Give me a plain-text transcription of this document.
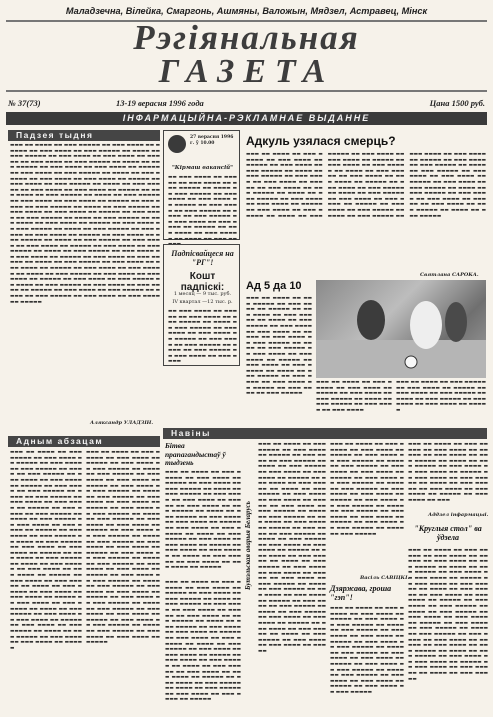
Маладзечна, Вілейка, Смаргонь, Ашмяны, Валожын, Мядзел, Астравец, Мінск
Рэгіянальная
ГАЗЕТА
№ 37(73)	13-19 верасня 1996 года	Цана 1500 руб.
ІНФАРМАЦЫЙНА-РЭКЛАМНАЕ ВЫДАННЕ
Падзея тыдня
▬▬▬ ▬▬ ▬▬▬▬ ▬▬ ▬▬▬ ▬▬▬▬▬ ▬▬ ▬▬▬ ▬▬▬▬ ▬▬ ▬▬▬▬▬ ▬▬ ▬▬▬ ▬▬▬▬ ▬▬ ▬▬▬ ▬▬▬▬▬ ▬▬ ▬▬▬▬ ▬▬ ▬▬▬ ▬▬▬▬▬ ▬▬ ▬▬▬ ▬▬▬▬ ▬▬ ▬▬▬ ▬▬▬▬ ▬▬ ▬▬▬▬▬ ▬▬ ▬▬▬ ▬▬▬▬ ▬▬ ▬▬▬ ▬▬▬▬▬ ▬▬ ▬▬▬▬ ▬▬ ▬▬▬ ▬▬▬▬▬ ▬▬ ▬▬▬ ▬▬▬▬ ▬▬ ▬▬▬ ▬▬▬▬ ▬▬ ▬▬▬▬▬ ▬▬ ▬▬▬ ▬▬▬▬ ▬▬ ▬▬▬ ▬▬▬▬▬ ▬▬ ▬▬▬▬ ▬▬ ▬▬▬ ▬▬▬▬▬ ▬▬ ▬▬▬ ▬▬▬▬ ▬▬ ▬▬▬ ▬▬▬▬ ▬▬ ▬▬▬▬▬ ▬▬ ▬▬▬ ▬▬▬▬ ▬▬ ▬▬▬ ▬▬▬▬▬ ▬▬ ▬▬▬▬ ▬▬ ▬▬▬ ▬▬▬▬▬ ▬▬ ▬▬▬ ▬▬▬▬ ▬▬ ▬▬▬ ▬▬▬▬ ▬▬ ▬▬▬▬▬ ▬▬ ▬▬▬ ▬▬▬▬ ▬▬ ▬▬▬ ▬▬▬▬▬ ▬▬ ▬▬▬▬ ▬▬ ▬▬▬ ▬▬▬▬▬ ▬▬ ▬▬▬ ▬▬▬▬ ▬▬ ▬▬▬ ▬▬▬▬ ▬▬ ▬▬▬▬▬ ▬▬ ▬▬▬ ▬▬▬▬ ▬▬ ▬▬▬ ▬▬▬▬▬ ▬▬ ▬▬▬▬ ▬▬ ▬▬▬ ▬▬▬▬▬ ▬▬ ▬▬▬ ▬▬▬▬ ▬▬ ▬▬▬ ▬▬▬▬ ▬▬ ▬▬▬▬▬ ▬▬ ▬▬▬ ▬▬▬▬ ▬▬ ▬▬▬ ▬▬▬▬▬ ▬▬ ▬▬▬▬ ▬▬ ▬▬▬ ▬▬▬▬▬ ▬▬ ▬▬▬ ▬▬▬▬ ▬▬ ▬▬▬ ▬▬▬▬ ▬▬ ▬▬▬▬▬ ▬▬ ▬▬▬ ▬▬▬▬ ▬▬ ▬▬▬ ▬▬▬▬▬ ▬▬ ▬▬▬▬ ▬▬ ▬▬▬ ▬▬▬▬▬ ▬▬ ▬▬▬ ▬▬▬▬ ▬▬ ▬▬▬ ▬▬▬▬ ▬▬ ▬▬▬▬▬ ▬▬ ▬▬▬ ▬▬▬▬ ▬▬ ▬▬▬ ▬▬▬▬▬ ▬▬ ▬▬▬▬ ▬▬ ▬▬▬ ▬▬▬▬▬ ▬▬ ▬▬▬ ▬▬▬▬ ▬▬ ▬▬▬ ▬▬▬▬ ▬▬ ▬▬▬▬▬ ▬▬ ▬▬▬ ▬▬▬▬ ▬▬ ▬▬▬ ▬▬▬▬▬ ▬▬ ▬▬▬▬ ▬▬ ▬▬▬ ▬▬▬▬▬ ▬▬ ▬▬▬ ▬▬▬▬ ▬▬ ▬▬▬ ▬▬▬▬ ▬▬ ▬▬▬▬▬ ▬▬ ▬▬▬ ▬▬▬▬ ▬▬ ▬▬▬ ▬▬▬▬▬ ▬▬ ▬▬▬▬ ▬▬ ▬▬▬ ▬▬▬▬▬ ▬▬ ▬▬▬ ▬▬▬▬ ▬▬ ▬▬▬ ▬▬▬▬ ▬▬ ▬▬▬▬▬ ▬▬ ▬▬▬ ▬▬▬▬ ▬▬ ▬▬▬ ▬▬▬▬▬ ▬▬ ▬▬▬▬ ▬▬ ▬▬▬ ▬▬▬▬▬ ▬▬ ▬▬▬ ▬▬▬▬ ▬▬ ▬▬▬ ▬▬▬▬ ▬▬ ▬▬▬▬▬ ▬▬ ▬▬▬ ▬▬▬▬ ▬▬ ▬▬▬ ▬▬▬▬▬ ▬▬ ▬▬▬▬ ▬▬ ▬▬▬ ▬▬▬▬▬ ▬▬ ▬▬▬ ▬▬▬▬ ▬▬ ▬▬▬ ▬▬▬▬ ▬▬ ▬▬▬▬▬ ▬▬ ▬▬▬ ▬▬▬▬ ▬▬ ▬▬▬ ▬▬▬▬▬ ▬▬ ▬▬▬▬ ▬▬ ▬▬▬ ▬▬▬▬▬ ▬▬ ▬▬▬ ▬▬▬▬ ▬▬ ▬▬▬ ▬▬▬▬ ▬▬ ▬▬▬▬▬
Аляксандр УЛАДЗІН.
27 верасня 1996 г. ў 10.00
"Кірмаш вакансій"
▬▬ ▬▬▬ ▬▬▬▬ ▬▬ ▬▬▬▬▬ ▬▬ ▬▬▬ ▬▬▬▬ ▬▬ ▬▬▬ ▬▬▬▬▬ ▬▬ ▬▬▬▬ ▬▬ ▬▬▬ ▬▬▬▬▬ ▬▬ ▬▬▬ ▬▬▬▬ ▬▬ ▬▬▬ ▬▬▬▬ ▬▬ ▬▬▬▬▬ ▬▬ ▬▬▬ ▬▬▬▬ ▬▬ ▬▬▬ ▬▬▬▬▬ ▬▬ ▬▬▬▬ ▬▬ ▬▬▬ ▬▬▬▬▬ ▬▬ ▬▬▬ ▬▬▬▬ ▬▬ ▬▬▬ ▬▬▬▬ ▬▬ ▬▬▬▬▬ ▬▬ ▬▬▬ ▬▬▬▬ ▬▬ ▬▬▬ ▬▬▬▬▬ ▬▬ ▬▬▬▬ ▬▬ ▬▬▬ ▬▬
Падпісвайцеся на "РГ"!
Кошт падпіскі:
1 месяц — 9 тыс. руб.
IV квартал —12 тыс. р.
▬▬ ▬▬▬ ▬▬▬▬ ▬▬ ▬▬▬▬▬ ▬▬ ▬▬▬ ▬▬▬▬ ▬▬ ▬▬▬ ▬▬▬▬▬ ▬▬ ▬▬▬▬ ▬▬ ▬▬▬ ▬▬▬▬▬ ▬▬ ▬▬▬ ▬▬▬▬ ▬▬ ▬▬▬ ▬▬▬▬ ▬▬ ▬▬▬▬▬ ▬▬ ▬▬▬ ▬▬▬▬ ▬▬ ▬▬▬ ▬▬▬▬▬ ▬▬ ▬▬▬▬ ▬▬ ▬▬▬ ▬▬▬▬▬ ▬▬ ▬▬▬ ▬▬▬▬ ▬▬ ▬▬▬ ▬▬▬▬
Адкуль узялася смерць?
▬▬▬ ▬▬ ▬▬▬▬ ▬▬ ▬▬▬ ▬▬▬▬▬ ▬▬ ▬▬▬ ▬▬▬▬ ▬▬ ▬▬▬▬▬ ▬▬ ▬▬▬ ▬▬▬▬ ▬▬ ▬▬▬ ▬▬▬▬▬ ▬▬ ▬▬▬▬ ▬▬ ▬▬▬ ▬▬▬▬▬ ▬▬ ▬▬▬ ▬▬▬▬ ▬▬ ▬▬▬ ▬▬▬▬ ▬▬ ▬▬▬▬▬ ▬▬ ▬▬▬ ▬▬▬▬ ▬▬ ▬▬▬ ▬▬▬▬▬ ▬▬ ▬▬▬▬ ▬▬ ▬▬▬ ▬▬▬▬▬ ▬▬ ▬▬▬ ▬▬▬▬ ▬▬ ▬▬▬ ▬▬▬▬ ▬▬ ▬▬▬▬▬ ▬▬ ▬▬▬ ▬▬▬▬ ▬▬ ▬▬▬ ▬▬▬▬▬ ▬▬ ▬▬▬▬ ▬▬ ▬▬▬ ▬▬▬▬▬ ▬▬ ▬▬▬ ▬▬▬▬ ▬▬ ▬▬▬ ▬▬▬▬ ▬▬ ▬▬▬▬▬ ▬▬ ▬▬▬ ▬▬▬▬ ▬▬ ▬▬▬ ▬▬▬▬▬ ▬▬ ▬▬▬▬ ▬▬ ▬▬▬ ▬▬▬▬▬ ▬▬ ▬▬▬ ▬▬▬▬ ▬▬ ▬▬▬ ▬▬▬▬ ▬▬ ▬▬▬▬▬ ▬▬ ▬▬▬ ▬▬▬▬ ▬▬ ▬▬▬ ▬▬▬▬▬ ▬▬ ▬▬▬▬ ▬▬ ▬▬▬ ▬▬▬▬▬ ▬▬ ▬▬▬ ▬▬▬▬ ▬▬ ▬▬▬ ▬▬▬▬ ▬▬ ▬▬▬▬▬ ▬▬ ▬▬▬ ▬▬▬▬ ▬▬ ▬▬▬ ▬▬▬▬▬ ▬▬ ▬▬▬▬ ▬▬ ▬▬▬ ▬▬▬▬▬ ▬▬ ▬▬▬ ▬▬▬▬ ▬▬ ▬▬▬ ▬▬▬▬ ▬▬ ▬▬▬▬▬ ▬▬ ▬▬▬ ▬▬▬▬ ▬▬ ▬▬▬ ▬▬▬▬▬ ▬▬ ▬▬▬▬ ▬▬ ▬▬▬ ▬▬▬▬▬ ▬▬ ▬▬▬ ▬▬▬▬ ▬▬ ▬▬▬ ▬▬▬▬ ▬▬ ▬▬▬▬▬ ▬▬ ▬▬▬ ▬▬▬▬ ▬▬ ▬▬▬ ▬▬▬▬▬ ▬▬ ▬▬▬▬ ▬▬ ▬▬▬ ▬▬▬▬▬ ▬▬ ▬▬▬ ▬▬▬▬ ▬▬ ▬▬▬ ▬▬▬▬ ▬▬ ▬▬▬▬▬ ▬▬ ▬▬▬ ▬▬▬▬ ▬▬ ▬▬▬ ▬▬▬▬▬ ▬▬ ▬▬▬▬ ▬▬ ▬▬▬ ▬▬▬▬▬
Святлана САРОКА.
Ад 5 да 10
▬▬▬ ▬▬ ▬▬▬▬ ▬▬ ▬▬▬ ▬▬▬▬▬ ▬▬ ▬▬▬ ▬▬▬▬ ▬▬ ▬▬▬▬▬ ▬▬ ▬▬▬ ▬▬▬▬ ▬▬ ▬▬▬ ▬▬▬▬▬ ▬▬ ▬▬▬▬ ▬▬ ▬▬▬ ▬▬▬▬▬ ▬▬ ▬▬▬ ▬▬▬▬ ▬▬ ▬▬▬ ▬▬▬▬ ▬▬ ▬▬▬▬▬ ▬▬ ▬▬▬ ▬▬▬▬ ▬▬ ▬▬▬ ▬▬▬▬▬ ▬▬ ▬▬▬▬ ▬▬ ▬▬▬ ▬▬▬▬▬ ▬▬ ▬▬▬ ▬▬▬▬ ▬▬ ▬▬▬ ▬▬▬▬ ▬▬ ▬▬▬▬▬ ▬▬ ▬▬▬ ▬▬▬▬ ▬▬ ▬▬▬ ▬▬▬▬▬ ▬▬ ▬▬▬▬ ▬▬ ▬▬▬ ▬▬▬▬▬ ▬▬ ▬▬▬ ▬▬▬▬ ▬▬ ▬▬▬ ▬▬▬▬ ▬▬ ▬▬▬▬▬ ▬▬ ▬▬▬ ▬▬▬▬ ▬▬ ▬▬▬ ▬▬▬▬▬
▬▬▬ ▬▬ ▬▬▬▬ ▬▬ ▬▬▬ ▬▬▬▬▬ ▬▬ ▬▬▬ ▬▬▬▬ ▬▬ ▬▬▬▬▬ ▬▬ ▬▬▬ ▬▬▬▬ ▬▬ ▬▬▬ ▬▬▬▬▬ ▬▬ ▬▬▬▬ ▬▬ ▬▬▬ ▬▬▬▬▬ ▬▬ ▬▬▬ ▬▬▬▬ ▬▬ ▬▬▬ ▬▬▬▬
▬▬▬ ▬▬ ▬▬▬▬ ▬▬ ▬▬▬ ▬▬▬▬▬ ▬▬ ▬▬▬ ▬▬▬▬ ▬▬ ▬▬▬▬▬ ▬▬ ▬▬▬ ▬▬▬▬ ▬▬ ▬▬▬ ▬▬▬▬▬ ▬▬ ▬▬▬▬ ▬▬ ▬▬▬ ▬▬▬▬▬ ▬▬ ▬▬▬ ▬▬▬▬ ▬▬ ▬▬▬ ▬▬▬▬ ▬▬ ▬▬▬▬▬
Навіны
Адным абзацам
▬▬▬ ▬▬ ▬▬▬▬ ▬▬ ▬▬▬ ▬▬▬▬▬ ▬▬ ▬▬▬ ▬▬▬▬ ▬▬ ▬▬▬▬▬ ▬▬ ▬▬▬ ▬▬▬▬ ▬▬ ▬▬▬ ▬▬▬▬▬ ▬▬ ▬▬▬▬ ▬▬ ▬▬▬ ▬▬▬▬▬ ▬▬ ▬▬▬ ▬▬▬▬ ▬▬ ▬▬▬ ▬▬▬▬ ▬▬ ▬▬▬▬▬ ▬▬ ▬▬▬ ▬▬▬▬ ▬▬ ▬▬▬ ▬▬▬▬▬ ▬▬ ▬▬▬▬ ▬▬ ▬▬▬ ▬▬▬▬▬ ▬▬ ▬▬▬ ▬▬▬▬ ▬▬ ▬▬▬ ▬▬▬▬ ▬▬ ▬▬▬▬▬ ▬▬ ▬▬▬ ▬▬▬▬ ▬▬ ▬▬▬ ▬▬▬▬▬ ▬▬ ▬▬▬▬ ▬▬ ▬▬▬ ▬▬▬▬▬ ▬▬ ▬▬▬ ▬▬▬▬ ▬▬ ▬▬▬ ▬▬▬▬ ▬▬ ▬▬▬▬▬ ▬▬ ▬▬▬ ▬▬▬▬ ▬▬ ▬▬▬ ▬▬▬▬▬ ▬▬ ▬▬▬▬ ▬▬ ▬▬▬ ▬▬▬▬▬ ▬▬ ▬▬▬ ▬▬▬▬ ▬▬ ▬▬▬ ▬▬▬▬ ▬▬ ▬▬▬▬▬ ▬▬ ▬▬▬ ▬▬▬▬ ▬▬ ▬▬▬ ▬▬▬▬▬ ▬▬ ▬▬▬▬ ▬▬ ▬▬▬ ▬▬▬▬▬ ▬▬ ▬▬▬ ▬▬▬▬ ▬▬ ▬▬▬ ▬▬▬▬ ▬▬ ▬▬▬▬▬ ▬▬ ▬▬▬ ▬▬▬▬ ▬▬ ▬▬▬ ▬▬▬▬▬ ▬▬ ▬▬▬▬ ▬▬ ▬▬▬ ▬▬▬▬▬ ▬▬ ▬▬▬ ▬▬▬▬ ▬▬ ▬▬▬ ▬▬▬▬ ▬▬ ▬▬▬▬▬ ▬▬ ▬▬▬ ▬▬▬▬ ▬▬ ▬▬▬ ▬▬▬▬▬ ▬▬ ▬▬▬▬ ▬▬ ▬▬▬ ▬▬▬▬▬ ▬▬ ▬▬▬ ▬▬▬▬ ▬▬ ▬▬▬ ▬▬▬▬ ▬▬ ▬▬▬▬▬ ▬▬ ▬▬▬ ▬▬▬▬ ▬▬ ▬▬▬ ▬▬▬▬▬ ▬▬ ▬▬▬▬ ▬▬ ▬▬▬ ▬▬▬▬▬ ▬▬ ▬▬▬ ▬▬▬▬ ▬▬ ▬▬▬ ▬▬▬▬ ▬▬ ▬▬▬▬▬
▬▬▬ ▬▬ ▬▬▬▬ ▬▬ ▬▬▬ ▬▬▬▬▬ ▬▬ ▬▬▬ ▬▬▬▬ ▬▬ ▬▬▬▬▬ ▬▬ ▬▬▬ ▬▬▬▬ ▬▬ ▬▬▬ ▬▬▬▬▬ ▬▬ ▬▬▬▬ ▬▬ ▬▬▬ ▬▬▬▬▬ ▬▬ ▬▬▬ ▬▬▬▬ ▬▬ ▬▬▬ ▬▬▬▬ ▬▬ ▬▬▬▬▬ ▬▬ ▬▬▬ ▬▬▬▬ ▬▬ ▬▬▬ ▬▬▬▬▬ ▬▬ ▬▬▬▬ ▬▬ ▬▬▬ ▬▬▬▬▬ ▬▬ ▬▬▬ ▬▬▬▬ ▬▬ ▬▬▬ ▬▬▬▬ ▬▬ ▬▬▬▬▬ ▬▬ ▬▬▬ ▬▬▬▬ ▬▬ ▬▬▬ ▬▬▬▬▬ ▬▬ ▬▬▬▬ ▬▬ ▬▬▬ ▬▬▬▬▬ ▬▬ ▬▬▬ ▬▬▬▬ ▬▬ ▬▬▬ ▬▬▬▬ ▬▬ ▬▬▬▬▬ ▬▬ ▬▬▬ ▬▬▬▬ ▬▬ ▬▬▬ ▬▬▬▬▬ ▬▬ ▬▬▬▬ ▬▬ ▬▬▬ ▬▬▬▬▬ ▬▬ ▬▬▬ ▬▬▬▬ ▬▬ ▬▬▬ ▬▬▬▬ ▬▬ ▬▬▬▬▬ ▬▬ ▬▬▬ ▬▬▬▬ ▬▬ ▬▬▬ ▬▬▬▬▬ ▬▬ ▬▬▬▬ ▬▬ ▬▬▬ ▬▬▬▬▬ ▬▬ ▬▬▬ ▬▬▬▬ ▬▬ ▬▬▬ ▬▬▬▬ ▬▬ ▬▬▬▬▬ ▬▬ ▬▬▬ ▬▬▬▬ ▬▬ ▬▬▬ ▬▬▬▬▬ ▬▬ ▬▬▬▬ ▬▬ ▬▬▬ ▬▬▬▬▬ ▬▬ ▬▬▬ ▬▬▬▬ ▬▬ ▬▬▬ ▬▬▬▬ ▬▬ ▬▬▬▬▬ ▬▬ ▬▬▬ ▬▬▬▬ ▬▬ ▬▬▬ ▬▬▬▬▬ ▬▬ ▬▬▬▬ ▬▬ ▬▬▬ ▬▬▬▬▬ ▬▬ ▬▬▬ ▬▬▬▬ ▬▬ ▬▬▬ ▬▬▬▬ ▬▬ ▬▬▬▬▬ ▬▬ ▬▬▬ ▬▬▬▬ ▬▬ ▬▬▬ ▬▬▬▬▬ ▬▬ ▬▬▬▬ ▬▬ ▬▬▬ ▬▬▬▬▬ ▬▬ ▬▬▬ ▬▬▬▬ ▬▬ ▬▬▬ ▬▬▬▬ ▬▬ ▬▬▬▬▬
Бітва прапагандыстаў ў тыдзень
▬▬▬ ▬▬ ▬▬▬▬ ▬▬ ▬▬▬ ▬▬▬▬▬ ▬▬ ▬▬▬ ▬▬▬▬ ▬▬ ▬▬▬▬▬ ▬▬ ▬▬▬ ▬▬▬▬ ▬▬ ▬▬▬ ▬▬▬▬▬ ▬▬ ▬▬▬▬ ▬▬ ▬▬▬ ▬▬▬▬▬ ▬▬ ▬▬▬ ▬▬▬▬ ▬▬ ▬▬▬ ▬▬▬▬ ▬▬ ▬▬▬▬▬ ▬▬ ▬▬▬ ▬▬▬▬ ▬▬ ▬▬▬ ▬▬▬▬▬ ▬▬ ▬▬▬▬ ▬▬ ▬▬▬ ▬▬▬▬▬ ▬▬ ▬▬▬ ▬▬▬▬ ▬▬ ▬▬▬ ▬▬▬▬ ▬▬ ▬▬▬▬▬ ▬▬ ▬▬▬ ▬▬▬▬ ▬▬ ▬▬▬ ▬▬▬▬▬ ▬▬ ▬▬▬▬ ▬▬ ▬▬▬ ▬▬▬▬▬ ▬▬ ▬▬▬ ▬▬▬▬ ▬▬ ▬▬▬ ▬▬▬▬ ▬▬ ▬▬▬▬▬ ▬▬ ▬▬▬ ▬▬▬▬ ▬▬ ▬▬▬ ▬▬▬▬▬ ▬▬ ▬▬▬▬ ▬▬ ▬▬▬ ▬▬▬▬▬ ▬▬ ▬▬▬ ▬▬▬▬ ▬▬ ▬▬▬ ▬▬▬▬ ▬▬ ▬▬▬▬▬
▬▬▬ ▬▬ ▬▬▬▬ ▬▬ ▬▬▬ ▬▬▬▬▬ ▬▬ ▬▬▬ ▬▬▬▬ ▬▬ ▬▬▬▬▬ ▬▬ ▬▬▬ ▬▬▬▬ ▬▬ ▬▬▬ ▬▬▬▬▬ ▬▬ ▬▬▬▬ ▬▬ ▬▬▬ ▬▬▬▬▬ ▬▬ ▬▬▬ ▬▬▬▬ ▬▬ ▬▬▬ ▬▬▬▬ ▬▬ ▬▬▬▬▬ ▬▬ ▬▬▬ ▬▬▬▬ ▬▬ ▬▬▬ ▬▬▬▬▬ ▬▬ ▬▬▬▬ ▬▬ ▬▬▬ ▬▬▬▬▬ ▬▬ ▬▬▬ ▬▬▬▬ ▬▬ ▬▬▬ ▬▬▬▬ ▬▬ ▬▬▬▬▬ ▬▬ ▬▬▬ ▬▬▬▬ ▬▬ ▬▬▬ ▬▬▬▬▬ ▬▬ ▬▬▬▬ ▬▬ ▬▬▬ ▬▬▬▬▬ ▬▬ ▬▬▬ ▬▬▬▬ ▬▬ ▬▬▬ ▬▬▬▬ ▬▬ ▬▬▬▬▬ ▬▬ ▬▬▬ ▬▬▬▬ ▬▬ ▬▬▬ ▬▬▬▬▬ ▬▬ ▬▬▬▬ ▬▬ ▬▬▬ ▬▬▬▬▬ ▬▬ ▬▬▬ ▬▬▬▬ ▬▬ ▬▬▬ ▬▬▬▬ ▬▬ ▬▬▬▬▬ ▬▬ ▬▬▬ ▬▬▬▬ ▬▬ ▬▬▬ ▬▬▬▬▬ ▬▬ ▬▬▬▬ ▬▬ ▬▬▬ ▬▬▬▬▬ ▬▬ ▬▬▬ ▬▬▬▬ ▬▬ ▬▬▬ ▬▬▬▬ ▬▬ ▬▬▬▬▬
Бутэльская аварыя Беларусь
▬▬▬ ▬▬ ▬▬▬▬ ▬▬ ▬▬▬ ▬▬▬▬▬ ▬▬ ▬▬▬ ▬▬▬▬ ▬▬ ▬▬▬▬▬ ▬▬ ▬▬▬ ▬▬▬▬ ▬▬ ▬▬▬ ▬▬▬▬▬ ▬▬ ▬▬▬▬ ▬▬ ▬▬▬ ▬▬▬▬▬ ▬▬ ▬▬▬ ▬▬▬▬ ▬▬ ▬▬▬ ▬▬▬▬ ▬▬ ▬▬▬▬▬ ▬▬ ▬▬▬ ▬▬▬▬ ▬▬ ▬▬▬ ▬▬▬▬▬ ▬▬ ▬▬▬▬ ▬▬ ▬▬▬ ▬▬▬▬▬ ▬▬ ▬▬▬ ▬▬▬▬ ▬▬ ▬▬▬ ▬▬▬▬ ▬▬ ▬▬▬▬▬ ▬▬ ▬▬▬ ▬▬▬▬ ▬▬ ▬▬▬ ▬▬▬▬▬ ▬▬ ▬▬▬▬ ▬▬ ▬▬▬ ▬▬▬▬▬ ▬▬ ▬▬▬ ▬▬▬▬ ▬▬ ▬▬▬ ▬▬▬▬ ▬▬ ▬▬▬▬▬ ▬▬ ▬▬▬ ▬▬▬▬ ▬▬ ▬▬▬ ▬▬▬▬▬ ▬▬ ▬▬▬▬ ▬▬ ▬▬▬ ▬▬▬▬▬ ▬▬ ▬▬▬ ▬▬▬▬ ▬▬ ▬▬▬ ▬▬▬▬ ▬▬ ▬▬▬▬▬ ▬▬ ▬▬▬ ▬▬▬▬ ▬▬ ▬▬▬ ▬▬▬▬▬ ▬▬ ▬▬▬▬ ▬▬ ▬▬▬ ▬▬▬▬▬ ▬▬ ▬▬▬ ▬▬▬▬ ▬▬ ▬▬▬ ▬▬▬▬ ▬▬ ▬▬▬▬▬ ▬▬ ▬▬▬ ▬▬▬▬ ▬▬ ▬▬▬ ▬▬▬▬▬ ▬▬ ▬▬▬▬ ▬▬ ▬▬▬ ▬▬▬▬▬ ▬▬ ▬▬▬ ▬▬▬▬ ▬▬ ▬▬▬ ▬▬▬▬ ▬▬ ▬▬▬▬▬ ▬▬ ▬▬▬ ▬▬▬▬ ▬▬ ▬▬▬ ▬▬▬▬▬ ▬▬ ▬▬▬▬ ▬▬ ▬▬▬ ▬▬▬▬▬ ▬▬ ▬▬▬ ▬▬▬▬ ▬▬ ▬▬▬ ▬▬▬▬ ▬▬ ▬▬▬▬▬ ▬▬ ▬▬▬ ▬▬▬▬ ▬▬ ▬▬▬ ▬▬▬▬▬ ▬▬ ▬▬▬▬ ▬▬ ▬▬▬ ▬▬▬▬▬ ▬▬ ▬▬▬ ▬▬▬▬ ▬▬ ▬▬▬ ▬▬▬▬ ▬▬ ▬▬▬▬▬
▬▬▬ ▬▬ ▬▬▬▬ ▬▬ ▬▬▬ ▬▬▬▬▬ ▬▬ ▬▬▬ ▬▬▬▬ ▬▬ ▬▬▬▬▬ ▬▬ ▬▬▬ ▬▬▬▬ ▬▬ ▬▬▬ ▬▬▬▬▬ ▬▬ ▬▬▬▬ ▬▬ ▬▬▬ ▬▬▬▬▬ ▬▬ ▬▬▬ ▬▬▬▬ ▬▬ ▬▬▬ ▬▬▬▬ ▬▬ ▬▬▬▬▬ ▬▬ ▬▬▬ ▬▬▬▬ ▬▬ ▬▬▬ ▬▬▬▬▬ ▬▬ ▬▬▬▬ ▬▬ ▬▬▬ ▬▬▬▬▬ ▬▬ ▬▬▬ ▬▬▬▬ ▬▬ ▬▬▬ ▬▬▬▬ ▬▬ ▬▬▬▬▬ ▬▬ ▬▬▬ ▬▬▬▬ ▬▬ ▬▬▬ ▬▬▬▬▬ ▬▬ ▬▬▬▬ ▬▬ ▬▬▬ ▬▬▬▬▬ ▬▬ ▬▬▬ ▬▬▬▬ ▬▬ ▬▬▬ ▬▬▬▬ ▬▬ ▬▬▬▬▬ ▬▬ ▬▬▬ ▬▬▬▬ ▬▬ ▬▬▬ ▬▬▬▬▬ ▬▬ ▬▬▬▬ ▬▬ ▬▬▬ ▬▬▬▬▬
Васіль САВІЦКІ.
Дзяржава, гроша "гэп"!
▬▬▬ ▬▬ ▬▬▬▬ ▬▬ ▬▬▬ ▬▬▬▬▬ ▬▬ ▬▬▬ ▬▬▬▬ ▬▬ ▬▬▬▬▬ ▬▬ ▬▬▬ ▬▬▬▬ ▬▬ ▬▬▬ ▬▬▬▬▬ ▬▬ ▬▬▬▬ ▬▬ ▬▬▬ ▬▬▬▬▬ ▬▬ ▬▬▬ ▬▬▬▬ ▬▬ ▬▬▬ ▬▬▬▬ ▬▬ ▬▬▬▬▬ ▬▬ ▬▬▬ ▬▬▬▬ ▬▬ ▬▬▬ ▬▬▬▬▬ ▬▬ ▬▬▬▬ ▬▬ ▬▬▬ ▬▬▬▬▬ ▬▬ ▬▬▬ ▬▬▬▬ ▬▬ ▬▬▬ ▬▬▬▬ ▬▬ ▬▬▬▬▬ ▬▬ ▬▬▬ ▬▬▬▬ ▬▬ ▬▬▬ ▬▬▬▬▬ ▬▬ ▬▬▬▬ ▬▬ ▬▬▬ ▬▬▬▬▬ ▬▬ ▬▬▬ ▬▬▬▬ ▬▬ ▬▬▬ ▬▬▬▬ ▬▬ ▬▬▬▬▬ ▬▬ ▬▬▬ ▬▬▬▬ ▬▬ ▬▬▬ ▬▬▬▬▬
▬▬▬ ▬▬ ▬▬▬▬ ▬▬ ▬▬▬ ▬▬▬▬▬ ▬▬ ▬▬▬ ▬▬▬▬ ▬▬ ▬▬▬▬▬ ▬▬ ▬▬▬ ▬▬▬▬ ▬▬ ▬▬▬ ▬▬▬▬▬ ▬▬ ▬▬▬▬ ▬▬ ▬▬▬ ▬▬▬▬▬ ▬▬ ▬▬▬ ▬▬▬▬ ▬▬ ▬▬▬ ▬▬▬▬ ▬▬ ▬▬▬▬▬ ▬▬ ▬▬▬ ▬▬▬▬ ▬▬ ▬▬▬ ▬▬▬▬▬ ▬▬ ▬▬▬▬ ▬▬ ▬▬▬ ▬▬▬▬▬ ▬▬ ▬▬▬ ▬▬▬▬ ▬▬ ▬▬▬ ▬▬▬▬ ▬▬ ▬▬▬▬▬ ▬▬ ▬▬▬ ▬▬▬▬ ▬▬ ▬▬▬
Аддзел інфармацыі.
"Круглыя стол" ва ўдзела
▬▬▬ ▬▬ ▬▬▬▬ ▬▬ ▬▬▬ ▬▬▬▬▬ ▬▬ ▬▬▬ ▬▬▬▬ ▬▬ ▬▬▬▬▬ ▬▬ ▬▬▬ ▬▬▬▬ ▬▬ ▬▬▬ ▬▬▬▬▬ ▬▬ ▬▬▬▬ ▬▬ ▬▬▬ ▬▬▬▬▬ ▬▬ ▬▬▬ ▬▬▬▬ ▬▬ ▬▬▬ ▬▬▬▬ ▬▬ ▬▬▬▬▬ ▬▬ ▬▬▬ ▬▬▬▬ ▬▬ ▬▬▬ ▬▬▬▬▬ ▬▬ ▬▬▬▬ ▬▬ ▬▬▬ ▬▬▬▬▬ ▬▬ ▬▬▬ ▬▬▬▬ ▬▬ ▬▬▬ ▬▬▬▬ ▬▬ ▬▬▬▬▬ ▬▬ ▬▬▬ ▬▬▬▬ ▬▬ ▬▬▬ ▬▬▬▬▬ ▬▬ ▬▬▬▬ ▬▬ ▬▬▬ ▬▬▬▬▬ ▬▬ ▬▬▬ ▬▬▬▬ ▬▬ ▬▬▬ ▬▬▬▬ ▬▬ ▬▬▬▬▬ ▬▬ ▬▬▬ ▬▬▬▬ ▬▬ ▬▬▬ ▬▬▬▬▬ ▬▬ ▬▬▬▬ ▬▬ ▬▬▬ ▬▬▬▬▬ ▬▬ ▬▬▬ ▬▬▬▬ ▬▬ ▬▬▬ ▬▬▬▬ ▬▬ ▬▬▬▬▬ ▬▬ ▬▬▬ ▬▬▬▬ ▬▬ ▬▬▬ ▬▬▬▬▬ ▬▬ ▬▬▬▬ ▬▬ ▬▬▬ ▬▬▬▬▬ ▬▬ ▬▬▬ ▬▬▬▬ ▬▬ ▬▬▬ ▬▬▬▬ ▬▬ ▬▬▬▬▬ ▬▬ ▬▬▬ ▬▬▬▬ ▬▬ ▬▬▬ ▬▬▬▬▬ ▬▬ ▬▬▬▬ ▬▬ ▬▬▬ ▬▬▬▬▬
